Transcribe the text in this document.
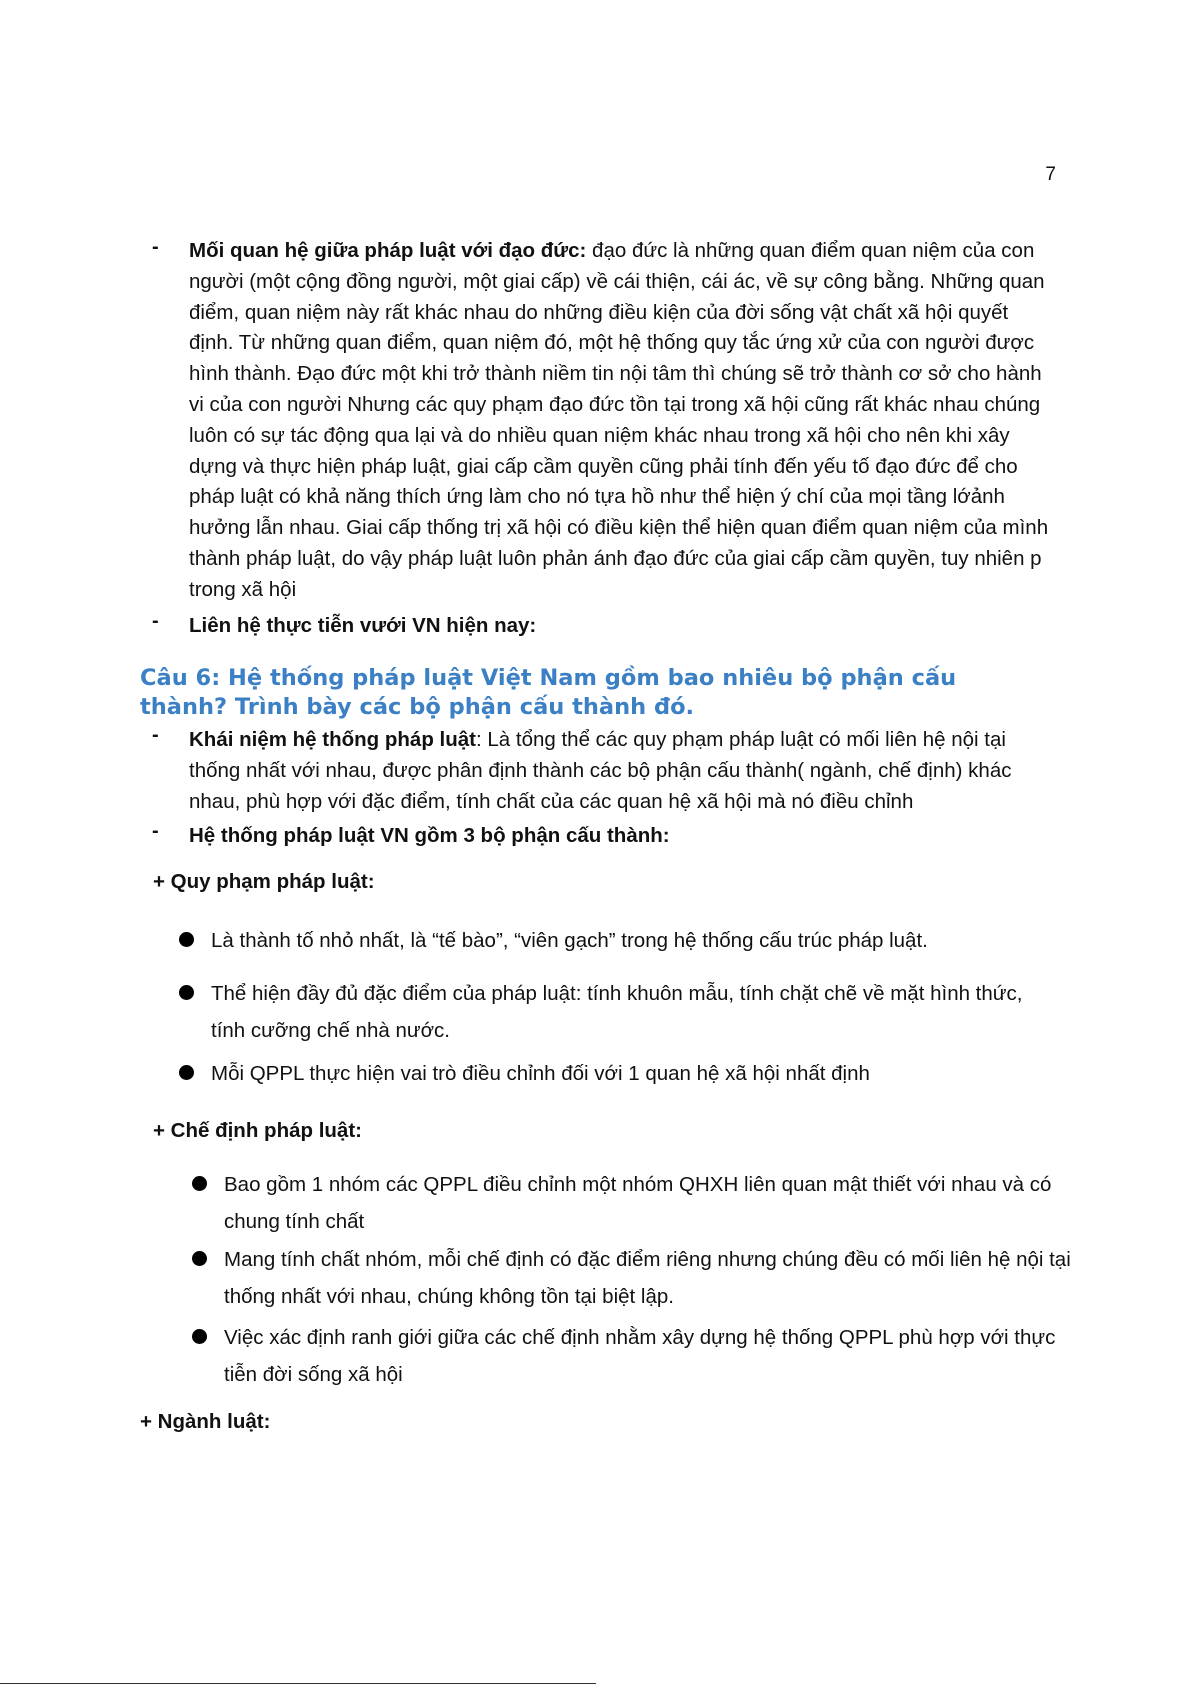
7
- Mối quan hệ giữa pháp luật với đạo đức: đạo đức là những quan điểm quan niệm của con người (một cộng đồng người, một giai cấp) về cái thiện, cái ác, về sự công bằng. Những quan điểm, quan niệm này rất khác nhau do những điều kiện của đời sống vật chất xã hội quyết định. Từ những quan điểm, quan niệm đó, một hệ thống quy tắc ứng xử của con người được hình thành. Đạo đức một khi trở thành niềm tin nội tâm thì chúng sẽ trở thành cơ sở cho hành vi của con người Nhưng các quy phạm đạo đức tồn tại trong xã hội cũng rất khác nhau chúng luôn có sự tác động qua lại và do nhiều quan niệm khác nhau trong xã hội cho nên khi xây dựng và thực hiện pháp luật, giai cấp cầm quyền cũng phải tính đến yếu tố đạo đức để cho pháp luật có khả năng thích ứng làm cho nó tựa hồ như thể hiện ý chí của mọi tầng lớảnh hưởng lẫn nhau. Giai cấp thống trị xã hội có điều kiện thể hiện quan điểm quan niệm của mình thành pháp luật, do vậy pháp luật luôn phản ánh đạo đức của giai cấp cầm quyền, tuy nhiên p trong xã hội
- Liên hệ thực tiễn vưới VN hiện nay:
Câu 6: Hệ thống pháp luật Việt Nam gồm bao nhiêu bộ phận cấu thành? Trình bày các bộ phận cấu thành đó.
- Khái niệm hệ thống pháp luật: Là tổng thể các quy phạm pháp luật có mối liên hệ nội tại thống nhất với nhau, được phân định thành các bộ phận cấu thành( ngành, chế định) khác nhau, phù hợp với đặc điểm, tính chất của các quan hệ xã hội mà nó điều chỉnh
- Hệ thống pháp luật VN gồm 3 bộ phận cấu thành:
+ Quy phạm pháp luật:
Là thành tố nhỏ nhất, là “tế bào”, “viên gạch” trong hệ thống cấu trúc pháp luật.
Thể hiện đầy đủ đặc điểm của pháp luật: tính khuôn mẫu, tính chặt chẽ về mặt hình thức, tính cưỡng chế nhà nước.
Mỗi QPPL thực hiện vai trò điều chỉnh đối với 1 quan hệ xã hội nhất định
+ Chế định pháp luật:
Bao gồm 1 nhóm các QPPL điều chỉnh một nhóm QHXH liên quan mật thiết với nhau và có chung tính chất
Mang tính chất nhóm, mỗi chế định có đặc điểm riêng nhưng chúng đều có mối liên hệ nội tại thống nhất với nhau, chúng không tồn tại biệt lập.
Việc xác định ranh giới giữa các chế định nhằm xây dựng hệ thống QPPL phù hợp với thực tiễn đời sống xã hội
+ Ngành luật:
